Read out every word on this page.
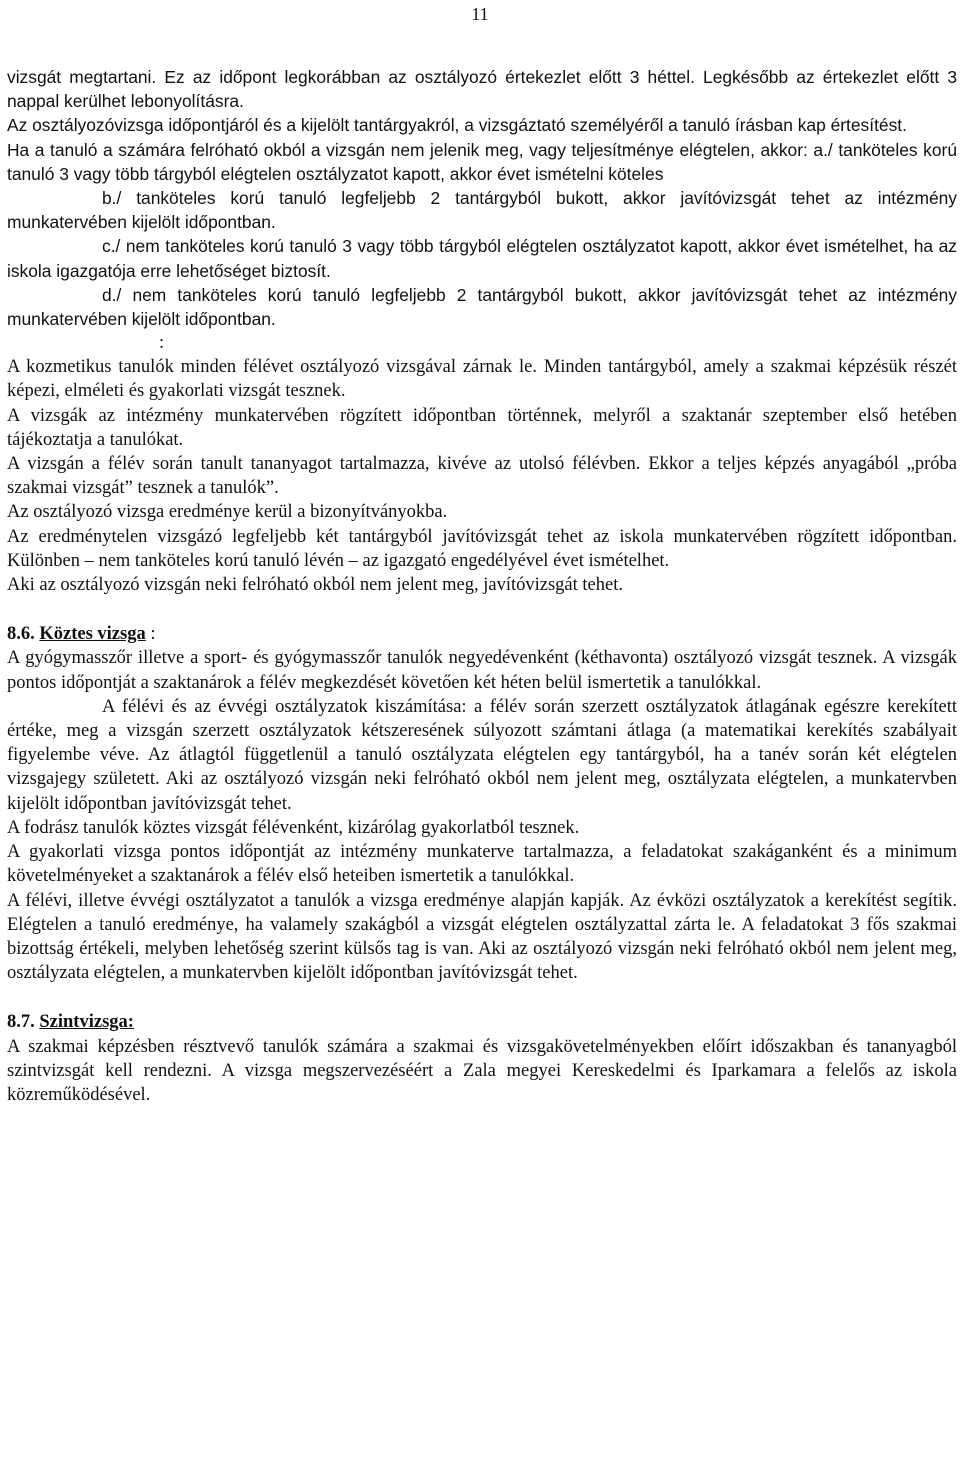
11

vizsgát megtartani. Ez az időpont legkorábban az osztályozó értekezlet előtt 3 héttel. Legkésőbb az értekezlet előtt 3 nappal kerülhet lebonyolításra.

Az osztályozóvizsga időpontjáról és a kijelölt tantárgyakról, a vizsgáztató személyéről a tanuló írásban kap értesítést.

Ha a tanuló a számára felróható okból a vizsgán nem jelenik meg, vagy teljesítménye elégtelen, akkor: a./ tanköteles korú tanuló 3 vagy több tárgyból elégtelen osztályzatot kapott, akkor évet ismételni köteles

b./ tanköteles korú tanuló legfeljebb 2 tantárgyból bukott, akkor javítóvizsgát tehet az intézmény munkatervében kijelölt időpontban.

c./ nem tanköteles korú tanuló 3 vagy több tárgyból elégtelen osztályzatot kapott, akkor évet ismételhet, ha az iskola igazgatója erre lehetőséget biztosít.

d./ nem tanköteles korú tanuló legfeljebb 2 tantárgyból bukott, akkor javítóvizsgát tehet az intézmény munkatervében kijelölt időpontban.

:

A kozmetikus tanulók minden félévet osztályozó vizsgával zárnak le. Minden tantárgyból, amely a szakmai képzésük részét képezi, elméleti és gyakorlati vizsgát tesznek.

A vizsgák az intézmény munkatervében rögzített időpontban történnek, melyről a szaktanár szeptember első hetében tájékoztatja a tanulókat.

A vizsgán a félév során tanult tananyagot tartalmazza, kivéve az utolsó félévben. Ekkor a teljes képzés anyagából „próba szakmai vizsgát” tesznek a tanulók”.

Az osztályozó vizsga eredménye kerül a bizonyítványokba.

Az eredménytelen vizsgázó legfeljebb két tantárgyból javítóvizsgát tehet az iskola munkatervében rögzített időpontban. Különben – nem tanköteles korú tanuló lévén – az igazgató engedélyével évet ismételhet.

Aki az osztályozó vizsgán neki felróható okból nem jelent meg, javítóvizsgát tehet.

8.6. Köztes vizsga :

A gyógymasszőr illetve a sport- és gyógymasszőr tanulók negyedévenként (kéthavonta) osztályozó vizsgát tesznek. A vizsgák pontos időpontját a szaktanárok a félév megkezdését követően két héten belül ismertetik a tanulókkal.

A félévi és az évvégi osztályzatok kiszámítása: a félév során szerzett osztályzatok átlagának egészre kerekített értéke, meg a vizsgán szerzett osztályzatok kétszeresének súlyozott számtani átlaga (a matematikai kerekítés szabályait figyelembe véve. Az átlagtól függetlenül a tanuló osztályzata elégtelen egy tantárgyból, ha a tanév során két elégtelen vizsgajegy született. Aki az osztályozó vizsgán neki felróható okból nem jelent meg, osztályzata elégtelen, a munkatervben kijelölt időpontban javítóvizsgát tehet.

A fodrász tanulók köztes vizsgát félévenként, kizárólag gyakorlatból tesznek.

A gyakorlati vizsga pontos időpontját az intézmény munkaterve tartalmazza, a feladatokat szakáganként és a minimum követelményeket a szaktanárok a félév első heteiben ismertetik a tanulókkal.

A félévi, illetve évvégi osztályzatot a tanulók a vizsga eredménye alapján kapják. Az évközi osztályzatok a kerekítést segítik. Elégtelen a tanuló eredménye, ha valamely szakágból a vizsgát elégtelen osztályzattal zárta le. A feladatokat 3 fős szakmai bizottság értékeli, melyben lehetőség szerint külsős tag is van. Aki az osztályozó vizsgán neki felróható okból nem jelent meg, osztályzata elégtelen, a munkatervben kijelölt időpontban javítóvizsgát tehet.

8.7. Szintvizsga:

A szakmai képzésben résztvevő tanulók számára a szakmai és vizsgakövetelményekben előírt időszakban és tananyagból szintvizsgát kell rendezni. A vizsga megszervezéséért a Zala megyei Kereskedelmi és Iparkamara a felelős az iskola közreműködésével.
